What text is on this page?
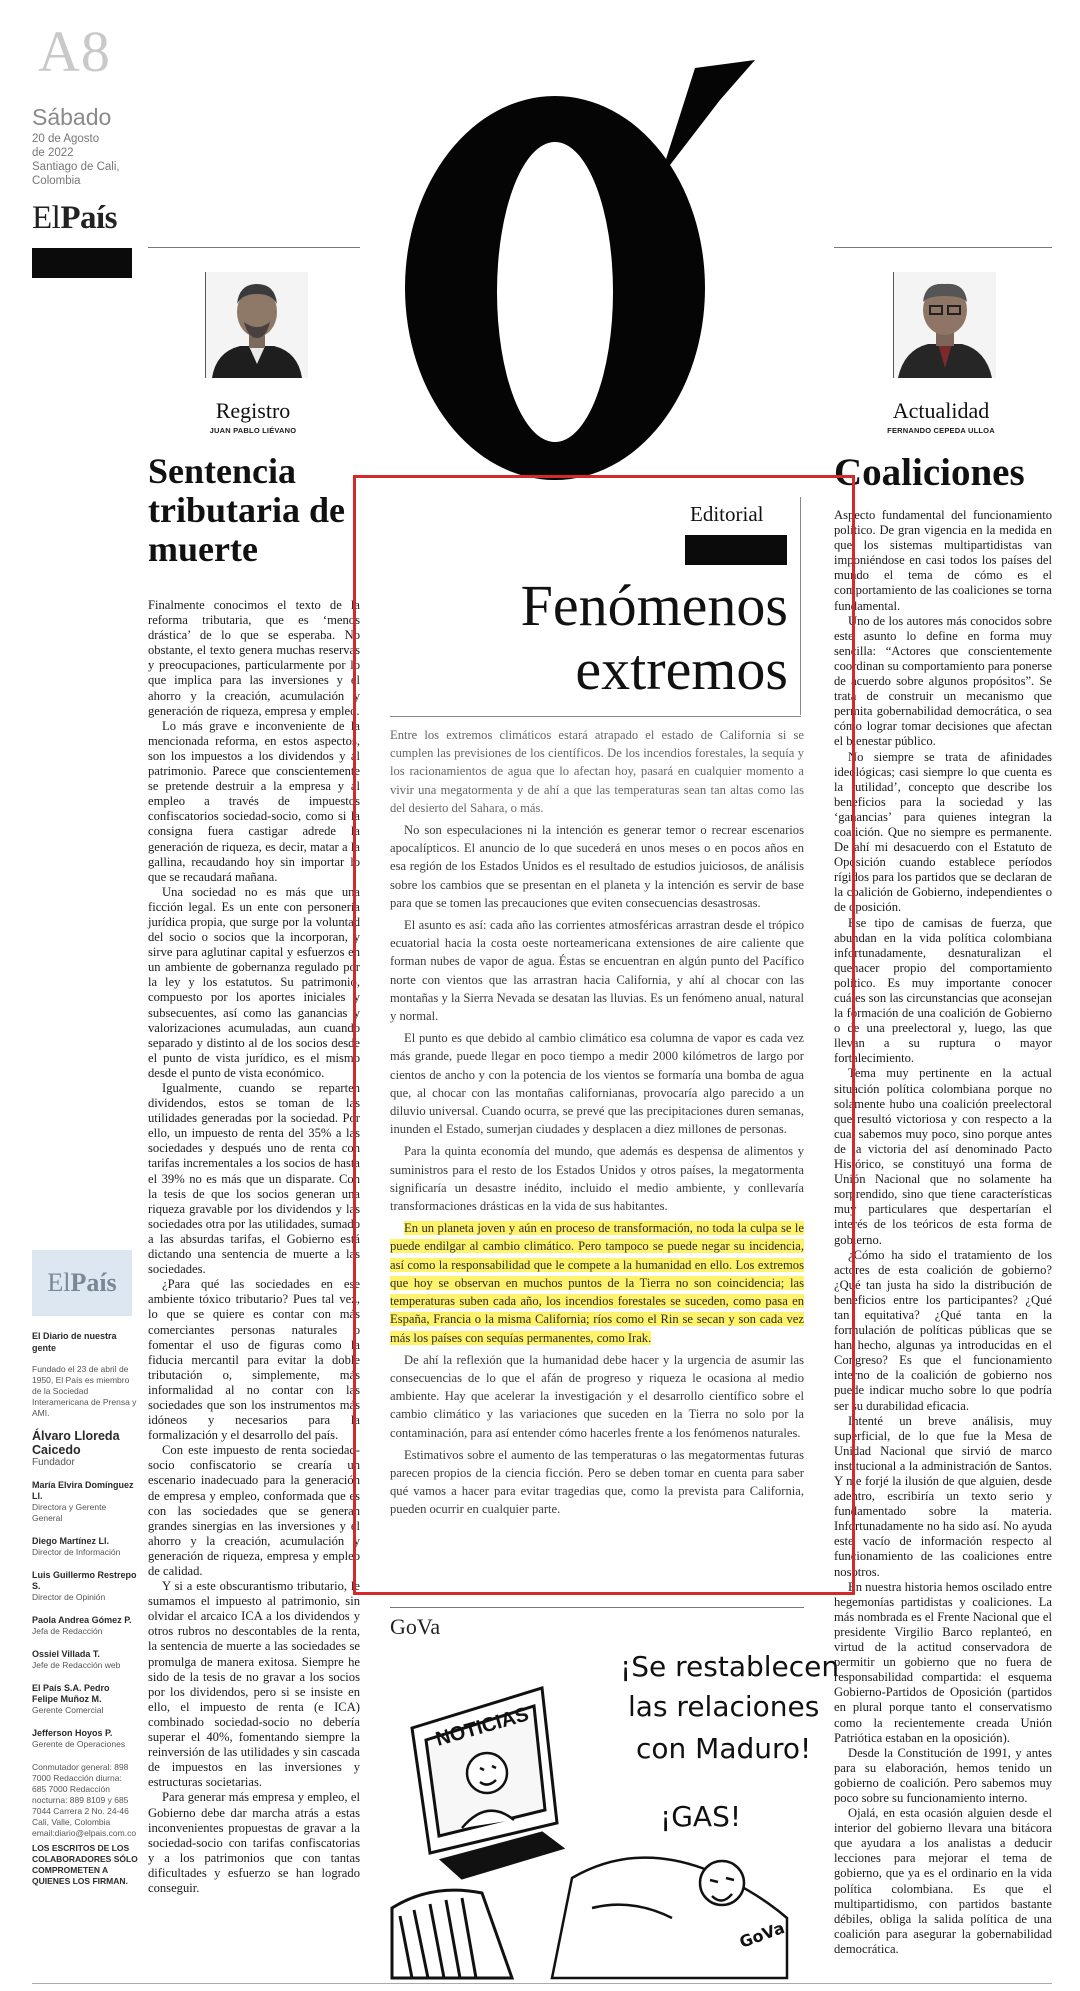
A8
Sábado
20 de Agosto
de 2022
Santiago de Cali,
Colombia
ElPaís
Registro
JUAN PABLO LIÉVANO
Sentencia tributaria de muerte

Finalmente conocimos el texto de la reforma tributaria, que es ‘menos drástica’ de lo que se esperaba. No obstante, el texto genera muchas reservas y preocupaciones, particularmente por lo que implica para las inversiones y el ahorro y la creación, acumulación y generación de riqueza, empresa y empleo.

Lo más grave e inconveniente de la mencionada reforma, en estos aspectos, son los impuestos a los dividendos y al patrimonio. Parece que conscientemente se pretende destruir a la empresa y al empleo a través de impuestos confiscatorios sociedad-socio, como si la consigna fuera castigar adrede la generación de riqueza, es decir, matar a la gallina, recaudando hoy sin importar lo que se recaudará mañana.

Una sociedad no es más que una ficción legal. Es un ente con personería jurídica propia, que surge por la voluntad del socio o socios que la incorporan, y sirve para aglutinar capital y esfuerzos en un ambiente de gobernanza regulado por la ley y los estatutos. Su patrimonio, compuesto por los aportes iniciales y subsecuentes, así como las ganancias y valorizaciones acumuladas, aun cuando separado y distinto al de los socios desde el punto de vista jurídico, es el mismo desde el punto de vista económico.

Igualmente, cuando se reparten dividendos, estos se toman de las utilidades generadas por la sociedad. Por ello, un impuesto de renta del 35% a las sociedades y después uno de renta con tarifas incrementales a los socios de hasta el 39% no es más que un disparate. Con la tesis de que los socios generan una riqueza gravable por los dividendos y las sociedades otra por las utilidades, sumado a las absurdas tarifas, el Gobierno está dictando una sentencia de muerte a las sociedades.

¿Para qué las sociedades en ese ambiente tóxico tributario? Pues tal vez, lo que se quiere es contar con más comerciantes personas naturales o fomentar el uso de figuras como la fiducia mercantil para evitar la doble tributación o, simplemente, más informalidad al no contar con las sociedades que son los instrumentos más idóneos y necesarios para la formalización y el desarrollo del país.

Con este impuesto de renta sociedad-socio confiscatorio se crearía un escenario inadecuado para la generación de empresa y empleo, conformada que es con las sociedades que se generan grandes sinergias en las inversiones y el ahorro y la creación, acumulación y generación de riqueza, empresa y empleo de calidad.

Y si a este obscurantismo tributario, le sumamos el impuesto al patrimonio, sin olvidar el arcaico ICA a los dividendos y otros rubros no descontables de la renta, la sentencia de muerte a las sociedades se promulga de manera exitosa. Siempre he sido de la tesis de no gravar a los socios por los dividendos, pero si se insiste en ello, el impuesto de renta (e ICA) combinado sociedad-socio no debería superar el 40%, fomentando siempre la reinversión de las utilidades y sin cascada de impuestos en las inversiones y estructuras societarias.

Para generar más empresa y empleo, el Gobierno debe dar marcha atrás a estas inconvenientes propuestas de gravar a la sociedad-socio con tarifas confiscatorias y a los patrimonios que con tantas dificultades y esfuerzo se han logrado conseguir.

Actualidad
FERNANDO CEPEDA ULLOA
Coaliciones

Aspecto fundamental del funcionamiento político. De gran vigencia en la medida en que los sistemas multipartidistas van imponiéndose en casi todos los países del mundo el tema de cómo es el comportamiento de las coaliciones se torna fundamental.

Uno de los autores más conocidos sobre este asunto lo define en forma muy sencilla: “Actores que conscientemente coordinan su comportamiento para ponerse de acuerdo sobre algunos propósitos”. Se trata de construir un mecanismo que permita gobernabilidad democrática, o sea cómo lograr tomar decisiones que afectan el bienestar público.

No siempre se trata de afinidades ideológicas; casi siempre lo que cuenta es la ‘utilidad’, concepto que describe los beneficios para la sociedad y las ‘ganancias’ para quienes integran la coalición. Que no siempre es permanente. De ahí mi desacuerdo con el Estatuto de Oposición cuando establece períodos rígidos para los partidos que se declaran de la coalición de Gobierno, independientes o de oposición.

Ese tipo de camisas de fuerza, que abundan en la vida política colombiana infortunadamente, desnaturalizan el quehacer propio del comportamiento político. Es muy importante conocer cuáles son las circunstancias que aconsejan la formación de una coalición de Gobierno o de una preelectoral y, luego, las que llevan a su ruptura o mayor fortalecimiento.

Tema muy pertinente en la actual situación política colombiana porque no solamente hubo una coalición preelectoral que resultó victoriosa y con respecto a la cual sabemos muy poco, sino porque antes de la victoria del así denominado Pacto Histórico, se constituyó una forma de Unión Nacional que no solamente ha sorprendido, sino que tiene características muy particulares que despertarían el interés de los teóricos de esta forma de gobierno.

¿Cómo ha sido el tratamiento de los actores de esta coalición de gobierno? ¿Qué tan justa ha sido la distribución de beneficios entre los participantes? ¿Qué tan equitativa? ¿Qué tanta en la formulación de políticas públicas que se han hecho, algunas ya introducidas en el Congreso? Es que el funcionamiento interno de la coalición de gobierno nos puede indicar mucho sobre lo que podría ser su durabilidad eficacia.

Intenté un breve análisis, muy superficial, de lo que fue la Mesa de Unidad Nacional que sirvió de marco institucional a la administración de Santos. Y me forjé la ilusión de que alguien, desde adentro, escribiría un texto serio y fundamentado sobre la materia. Infortunadamente no ha sido así. No ayuda este vacío de información respecto al funcionamiento de las coaliciones entre nosotros.

En nuestra historia hemos oscilado entre hegemonías partidistas y coaliciones. La más nombrada es el Frente Nacional que el presidente Virgilio Barco replanteó, en virtud de la actitud conservadora de permitir un gobierno que no fuera de responsabilidad compartida: el esquema Gobierno-Partidos de Oposición (partidos en plural porque tanto el conservatismo como la recientemente creada Unión Patriótica estaban en la oposición).

Desde la Constitución de 1991, y antes para su elaboración, hemos tenido un gobierno de coalición. Pero sabemos muy poco sobre su funcionamiento interno.

Ojalá, en esta ocasión alguien desde el interior del gobierno llevara una bitácora que ayudara a los analistas a deducir lecciones para mejorar el tema de gobierno, que ya es el ordinario en la vida política colombiana. Es que el multipartidismo, con partidos bastante débiles, obliga la salida política de una coalición para asegurar la gobernabilidad democrática.

Editorial
Fenómenos
extremos

Entre los extremos climáticos estará atrapado el estado de California si se cumplen las previsiones de los científicos. De los incendios forestales, la sequía y los racionamientos de agua que lo afectan hoy, pasará en cualquier momento a vivir una megatormenta y de ahí a que las temperaturas sean tan altas como las del desierto del Sahara, o más.

No son especulaciones ni la intención es generar temor o recrear escenarios apocalípticos. El anuncio de lo que sucederá en unos meses o en pocos años en esa región de los Estados Unidos es el resultado de estudios juiciosos, de análisis sobre los cambios que se presentan en el planeta y la intención es servir de base para que se tomen las precauciones que eviten consecuencias desastrosas.

El asunto es así: cada año las corrientes atmosféricas arrastran desde el trópico ecuatorial hacia la costa oeste norteamericana extensiones de aire caliente que forman nubes de vapor de agua. Éstas se encuentran en algún punto del Pacífico norte con vientos que las arrastran hacia California, y ahí al chocar con las montañas y la Sierra Nevada se desatan las lluvias. Es un fenómeno anual, natural y normal.

El punto es que debido al cambio climático esa columna de vapor es cada vez más grande, puede llegar en poco tiempo a medir 2000 kilómetros de largo por cientos de ancho y con la potencia de los vientos se formaría una bomba de agua que, al chocar con las montañas californianas, provocaría algo parecido a un diluvio universal. Cuando ocurra, se prevé que las precipitaciones duren semanas, inunden el Estado, sumerjan ciudades y desplacen a diez millones de personas.

Para la quinta economía del mundo, que además es despensa de alimentos y suministros para el resto de los Estados Unidos y otros países, la megatormenta significaría un desastre inédito, incluido el medio ambiente, y conllevaría transformaciones drásticas en la vida de sus habitantes.

En un planeta joven y aún en proceso de transformación, no toda la culpa se le puede endilgar al cambio climático. Pero tampoco se puede negar su incidencia, así como la responsabilidad que le compete a la humanidad en ello. Los extremos que hoy se observan en muchos puntos de la Tierra no son coincidencia; las temperaturas suben cada año, los incendios forestales se suceden, como pasa en España, Francia o la misma California; ríos como el Rin se secan y son cada vez más los países con sequías permanentes, como Irak.

De ahí la reflexión que la humanidad debe hacer y la urgencia de asumir las consecuencias de lo que el afán de progreso y riqueza le ocasiona al medio ambiente. Hay que acelerar la investigación y el desarrollo científico sobre el cambio climático y las variaciones que suceden en la Tierra no solo por la contaminación, para así entender cómo hacerles frente a los fenómenos naturales.

Estimativos sobre el aumento de las temperaturas o las megatormentas futuras parecen propios de la ciencia ficción. Pero se deben tomar en cuenta para saber qué vamos a hacer para evitar tragedias que, como la prevista para California, pueden ocurrir en cualquier parte.

GoVa
NOTICIAS
¡Se restablecen
las relaciones
con Maduro!
¡GAS!
GoVa
El País
El Diario de nuestra gente
Fundado el 23 de abril de 1950, El País es miembro de la Sociedad Interamericana de Prensa y AMI.
Álvaro Lloreda Caicedo
Fundador
María Elvira Domínguez Ll.
Directora y Gerente General
Diego Martínez Ll.
Director de Información
Luis Guillermo Restrepo S.
Director de Opinión
Paola Andrea Gómez P.
Jefa de Redacción
Ossiel Villada T.
Jefe de Redacción web
El País S.A. Pedro Felipe Muñoz M.
Gerente Comercial
Jefferson Hoyos P.
Gerente de Operaciones
Conmutador general: 898 7000 Redacción diurna: 685 7000 Redacción nocturna: 889 8109 y 685 7044 Carrera 2 No. 24-46 Cali, Valle, Colombia email:diario@elpais.com.co
LOS ESCRITOS DE LOS COLABORADORES SÓLO COMPROMETEN A QUIENES LOS FIRMAN.
